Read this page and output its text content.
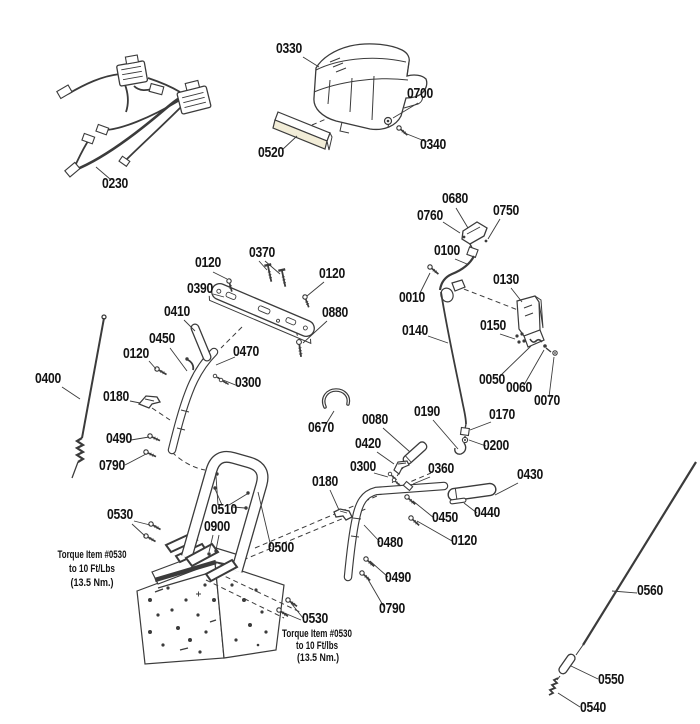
0330
0700
0340
0520
0230
0680
0760	0750
0100
0010
0130
0140	0150
0050 0060
0070
0170
0190
0200
0670 0080
0420
0300	0360
0180	0430
0440
0450
0120
0510
0900
0500
0530
0480
0490
0790
0530
0560
0550
0540
0400
0450
0120
0180
0490
0790
0120
0370
0120
0390
0410	0880
0470
0300
Torque Item #0530
to 10 Ft/Lbs
(13.5 Nm.)
Torque Item #0530
to 10 Ft/lbs
(13.5 Nm.)
